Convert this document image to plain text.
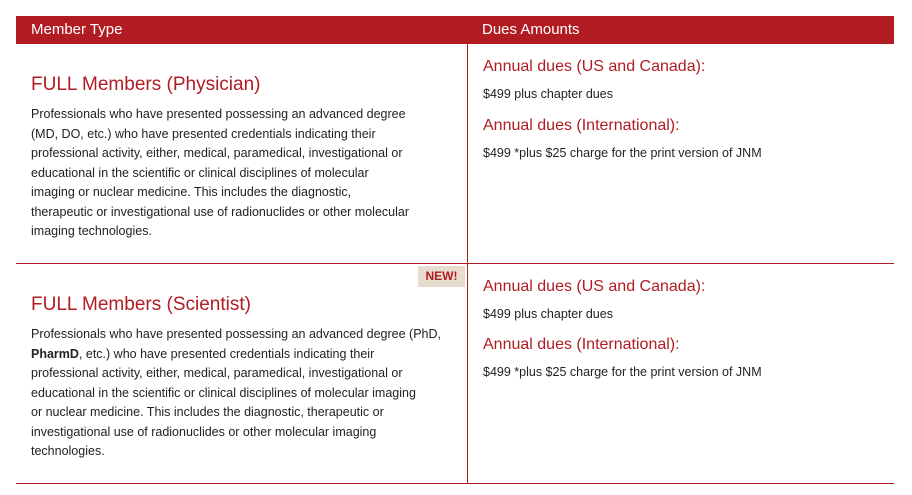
Member Type	Dues Amounts
FULL Members (Physician)
Professionals who have presented possessing an advanced degree
(MD, DO, etc.) who have presented credentials indicating their
professional activity, either, medical, paramedical, investigational or
educational in the scientific or clinical disciplines of molecular
imaging or nuclear medicine. This includes the diagnostic,
therapeutic or investigational use of radionuclides or other molecular
imaging technologies.
Annual dues (US and Canada):
$499 plus chapter dues
Annual dues (International):
$499 *plus $25 charge for the print version of JNM
NEW!
FULL Members (Scientist)
Professionals who have presented possessing an advanced degree (PhD,
PharmD, etc.) who have presented credentials indicating their
professional activity, either, medical, paramedical, investigational or
educational in the scientific or clinical disciplines of molecular imaging
or nuclear medicine. This includes the diagnostic, therapeutic or
investigational use of radionuclides or other molecular imaging
technologies.
Annual dues (US and Canada):
$499 plus chapter dues
Annual dues (International):
$499 *plus $25 charge for the print version of JNM
